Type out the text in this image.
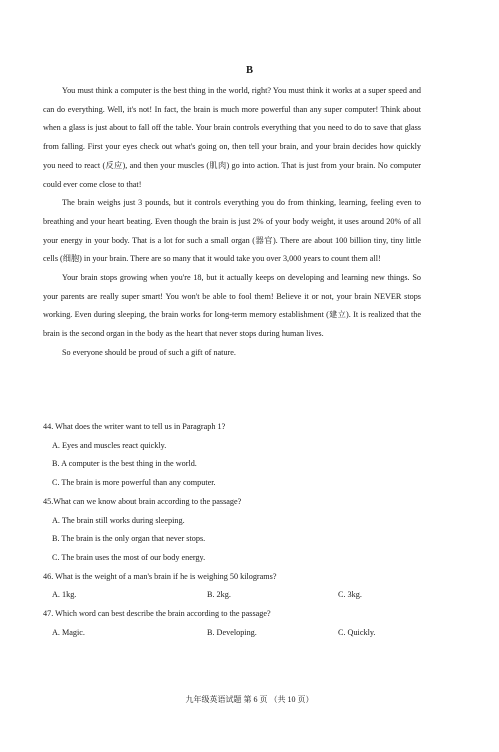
B

You must think a computer is the best thing in the world, right? You must think it works at a super speed and can do everything. Well, it's not! In fact, the brain is much more powerful than any super computer! Think about when a glass is just about to fall off the table. Your brain controls everything that you need to do to save that glass from falling. First your eyes check out what's going on, then tell your brain, and your brain decides how quickly you need to react (反应), and then your muscles (肌肉) go into action. That is just from your brain. No computer could ever come close to that!

The brain weighs just 3 pounds, but it controls everything you do from thinking, learning, feeling even to breathing and your heart beating. Even though the brain is just 2% of your body weight, it uses around 20% of all your energy in your body. That is a lot for such a small organ (器官). There are about 100 billion tiny, tiny little cells (细胞) in your brain. There are so many that it would take you over 3,000 years to count them all!

Your brain stops growing when you're 18, but it actually keeps on developing and learning new things. So your parents are really super smart! You won't be able to fool them! Believe it or not, your brain NEVER stops working. Even during sleeping, the brain works for long-term memory establishment (建立). It is realized that the brain is the second organ in the body as the heart that never stops during human lives.

So everyone should be proud of such a gift of nature.

44. What does the writer want to tell us in Paragraph 1?

A. Eyes and muscles react quickly.

B. A computer is the best thing in the world.

C. The brain is more powerful than any computer.

45.What can we know about brain according to the passage?

A. The brain still works during sleeping.

B. The brain is the only organ that never stops.

C. The brain uses the most of our body energy.

46. What is the weight of a man's brain if he is weighing 50 kilograms?

A. 1kg.	B. 2kg.	C. 3kg.

47. Which word can best describe the brain according to the passage?

A. Magic.	B. Developing.	C. Quickly.
九年级英语试题 第 6 页 （共 10 页）
